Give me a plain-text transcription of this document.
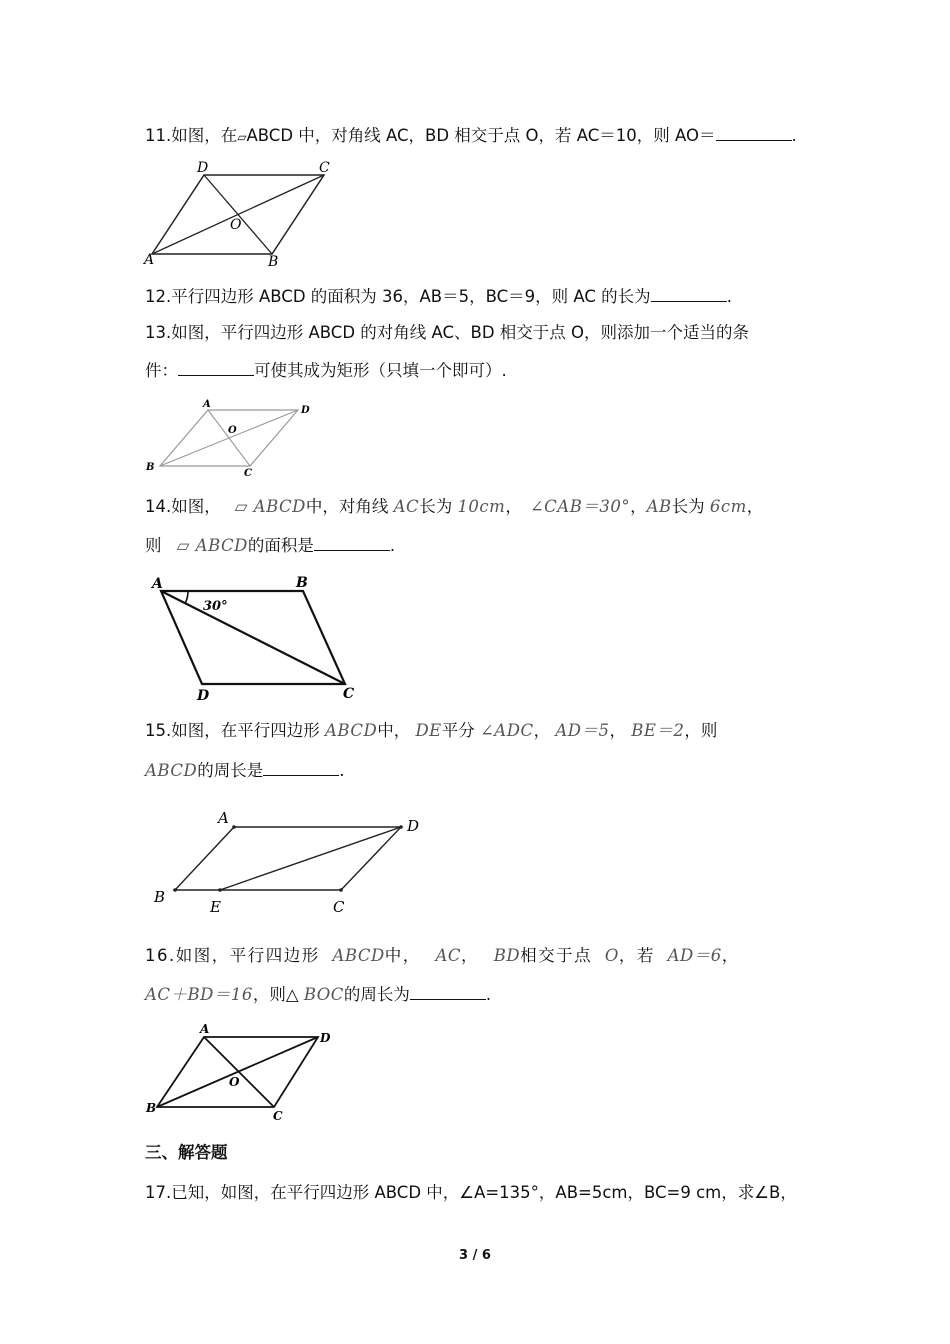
11.如图，在▱ABCD 中，对角线 AC，BD 相交于点 O，若 AC＝10，则 AO＝	.
A	B
C
D
O
12.平行四边形 ABCD 的面积为 36，AB＝5，BC＝9，则 AC 的长为	.
13.如图，平行四边形 ABCD 的对角线 AC、BD 相交于点 O，则添加一个适当的条
件：	可使其成为矩形（只填一个即可）.
A
B
C
D
O
14.如图， ▱ ABCD中，对角线 AC长为 10cm， ∠CAB＝30°，AB长为 6cm，
则 ▱ ABCD的面积是	.
A	B
C
D
30°
15.如图，在平行四边形 ABCD中， DE平分 ∠ADC， AD＝5， BE＝2，则
ABCD的周长是	.
A
B
C
D
E
16.如图，平行四边形 ABCD中， AC， BD相交于点 O，若 AD＝6，
AC＋BD＝16，则△ BOC的周长为	.
A
B
C
D
O
三、解答题
17.已知，如图，在平行四边形 ABCD 中，∠A=135°，AB=5cm，BC=9 cm，求∠B，
3 / 6
